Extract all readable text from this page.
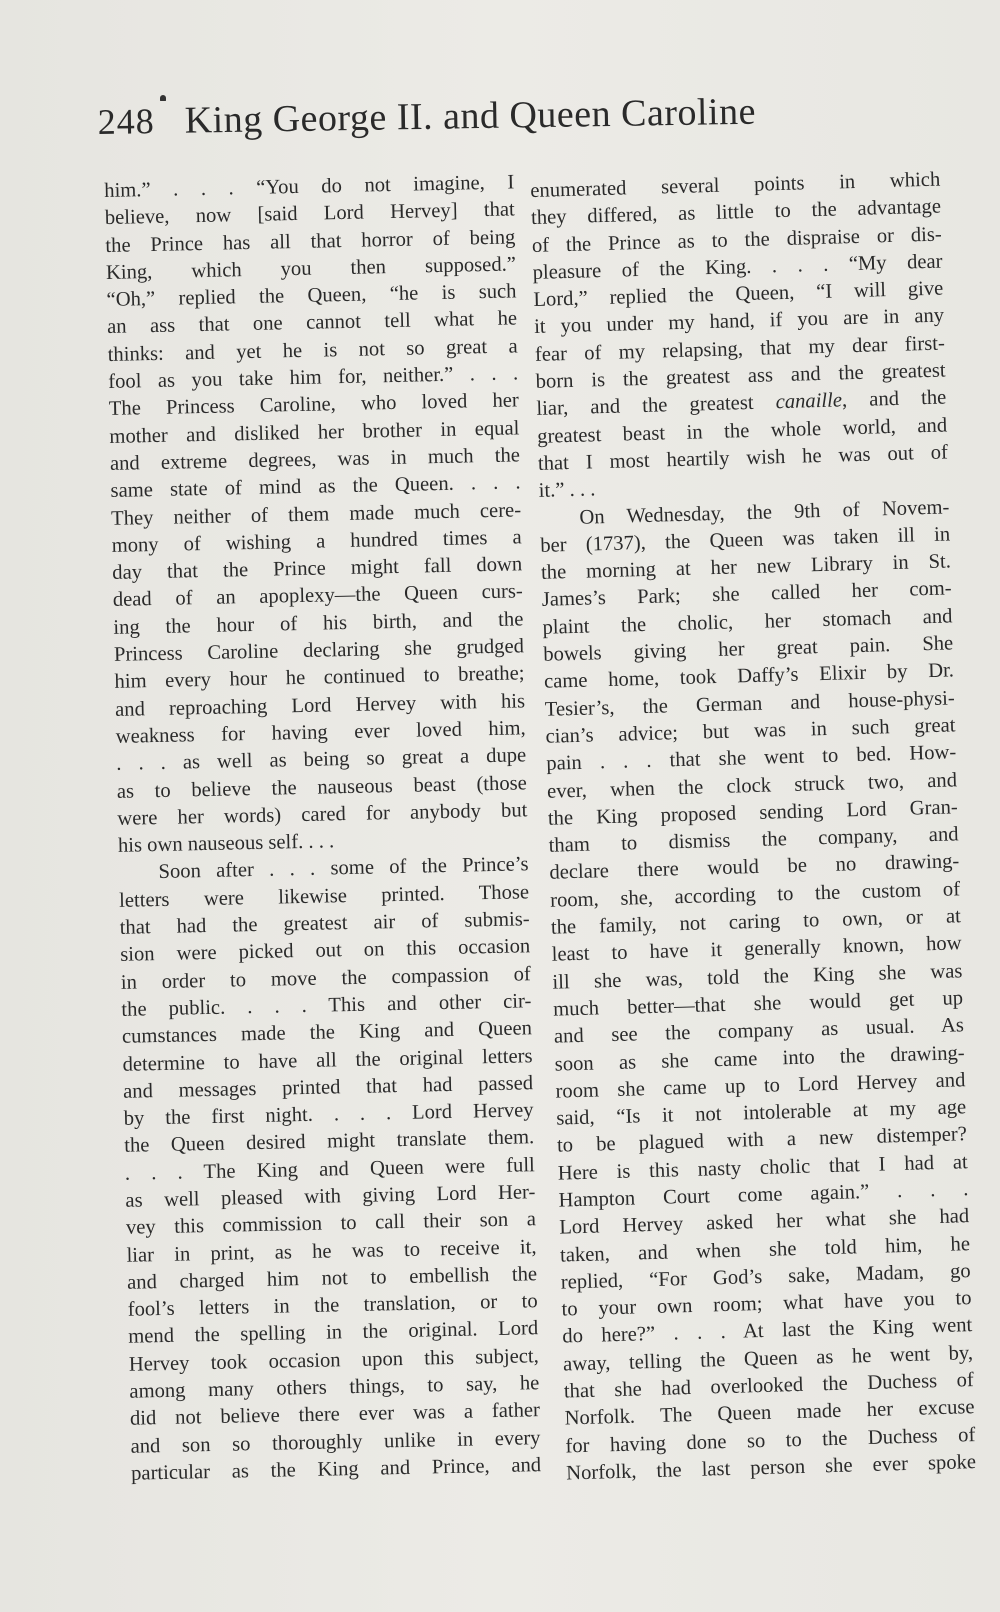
248 King George II. and Queen Caroline
him.” . . . “You do not imagine, I
believe, now [said Lord Hervey] that
the Prince has all that horror of being
King, which you then supposed.”
“Oh,” replied the Queen, “he is such
an ass that one cannot tell what he
thinks: and yet he is not so great a
fool as you take him for, neither.” . . .
The Princess Caroline, who loved her
mother and disliked her brother in equal
and extreme degrees, was in much the
same state of mind as the Queen. . . .
They neither of them made much cere-
mony of wishing a hundred times a
day that the Prince might fall down
dead of an apoplexy—the Queen curs-
ing the hour of his birth, and the
Princess Caroline declaring she grudged
him every hour he continued to breathe;
and reproaching Lord Hervey with his
weakness for having ever loved him,
. . . as well as being so great a dupe
as to believe the nauseous beast (those
were her words) cared for anybody but
his own nauseous self. . . .
Soon after . . . some of the Prince’s
letters were likewise printed. Those
that had the greatest air of submis-
sion were picked out on this occasion
in order to move the compassion of
the public. . . . This and other cir-
cumstances made the King and Queen
determine to have all the original letters
and messages printed that had passed
by the first night. . . . Lord Hervey
the Queen desired might translate them.
. . . The King and Queen were full
as well pleased with giving Lord Her-
vey this commission to call their son a
liar in print, as he was to receive it,
and charged him not to embellish the
fool’s letters in the translation, or to
mend the spelling in the original. Lord
Hervey took occasion upon this subject,
among many others things, to say, he
did not believe there ever was a father
and son so thoroughly unlike in every
particular as the King and Prince, and
enumerated several points in which
they differed, as little to the advantage
of the Prince as to the dispraise or dis-
pleasure of the King. . . . “My dear
Lord,” replied the Queen, “I will give
it you under my hand, if you are in any
fear of my relapsing, that my dear first-
born is the greatest ass and the greatest
liar, and the greatest canaille, and the
greatest beast in the whole world, and
that I most heartily wish he was out of
it.” . . .
On Wednesday, the 9th of Novem-
ber (1737), the Queen was taken ill in
the morning at her new Library in St.
James’s Park; she called her com-
plaint the cholic, her stomach and
bowels giving her great pain. She
came home, took Daffy’s Elixir by Dr.
Tesier’s, the German and house-physi-
cian’s advice; but was in such great
pain . . . that she went to bed. How-
ever, when the clock struck two, and
the King proposed sending Lord Gran-
tham to dismiss the company, and
declare there would be no drawing-
room, she, according to the custom of
the family, not caring to own, or at
least to have it generally known, how
ill she was, told the King she was
much better—that she would get up
and see the company as usual. As
soon as she came into the drawing-
room she came up to Lord Hervey and
said, “Is it not intolerable at my age
to be plagued with a new distemper?
Here is this nasty cholic that I had at
Hampton Court come again.” . . .
Lord Hervey asked her what she had
taken, and when she told him, he
replied, “For God’s sake, Madam, go
to your own room; what have you to
do here?” . . . At last the King went
away, telling the Queen as he went by,
that she had overlooked the Duchess of
Norfolk. The Queen made her excuse
for having done so to the Duchess of
Norfolk, the last person she ever spoke
